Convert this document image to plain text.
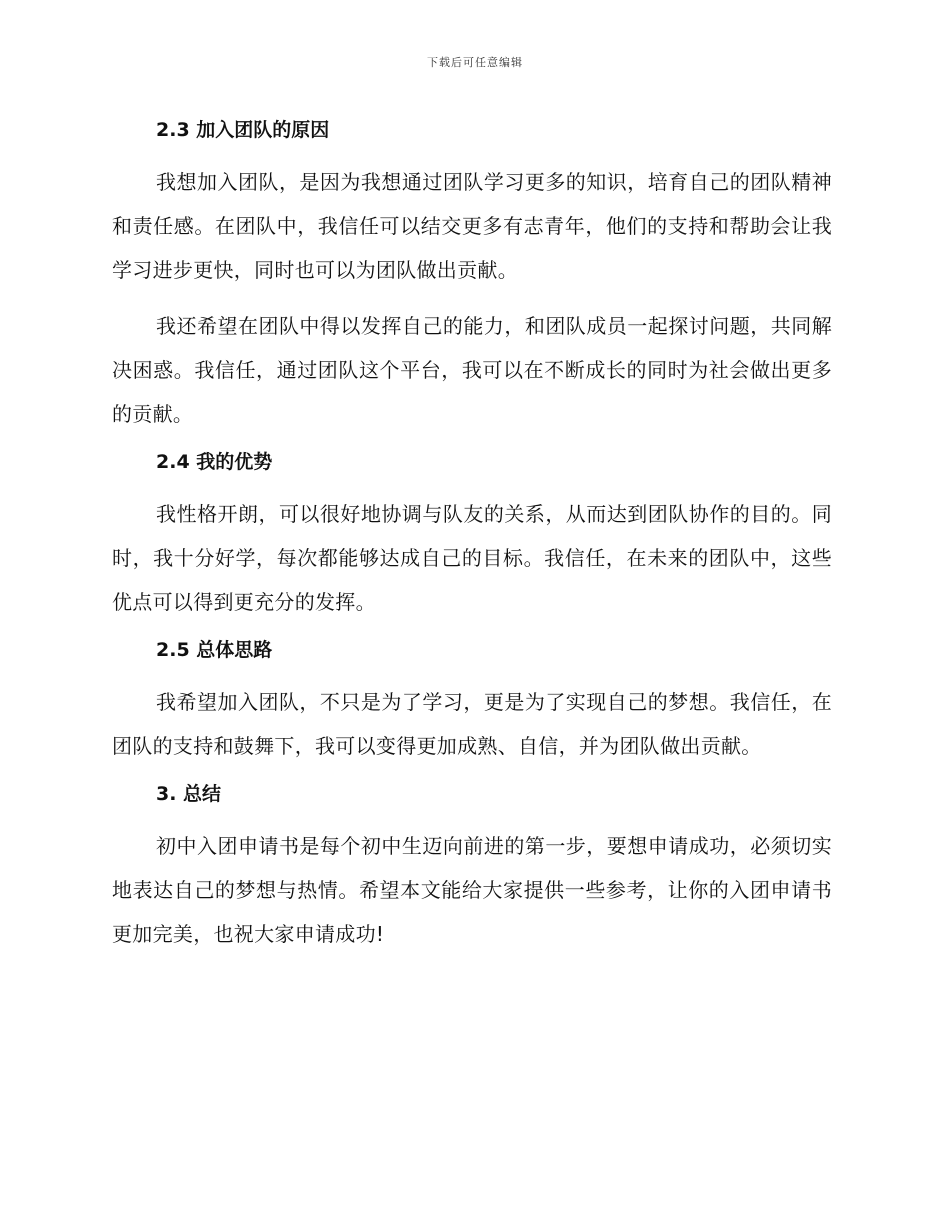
下载后可任意编辑
2.3 加入团队的原因

我想加入团队，是因为我想通过团队学习更多的知识，培育自己的团队精神和责任感。在团队中，我信任可以结交更多有志青年，他们的支持和帮助会让我学习进步更快，同时也可以为团队做出贡献。

我还希望在团队中得以发挥自己的能力，和团队成员一起探讨问题，共同解决困惑。我信任，通过团队这个平台，我可以在不断成长的同时为社会做出更多的贡献。

2.4 我的优势

我性格开朗，可以很好地协调与队友的关系，从而达到团队协作的目的。同时，我十分好学，每次都能够达成自己的目标。我信任，在未来的团队中，这些优点可以得到更充分的发挥。

2.5 总体思路

我希望加入团队，不只是为了学习，更是为了实现自己的梦想。我信任，在团队的支持和鼓舞下，我可以变得更加成熟、自信，并为团队做出贡献。

3. 总结

初中入团申请书是每个初中生迈向前进的第一步，要想申请成功，必须切实地表达自己的梦想与热情。希望本文能给大家提供一些参考，让你的入团申请书更加完美，也祝大家申请成功!
